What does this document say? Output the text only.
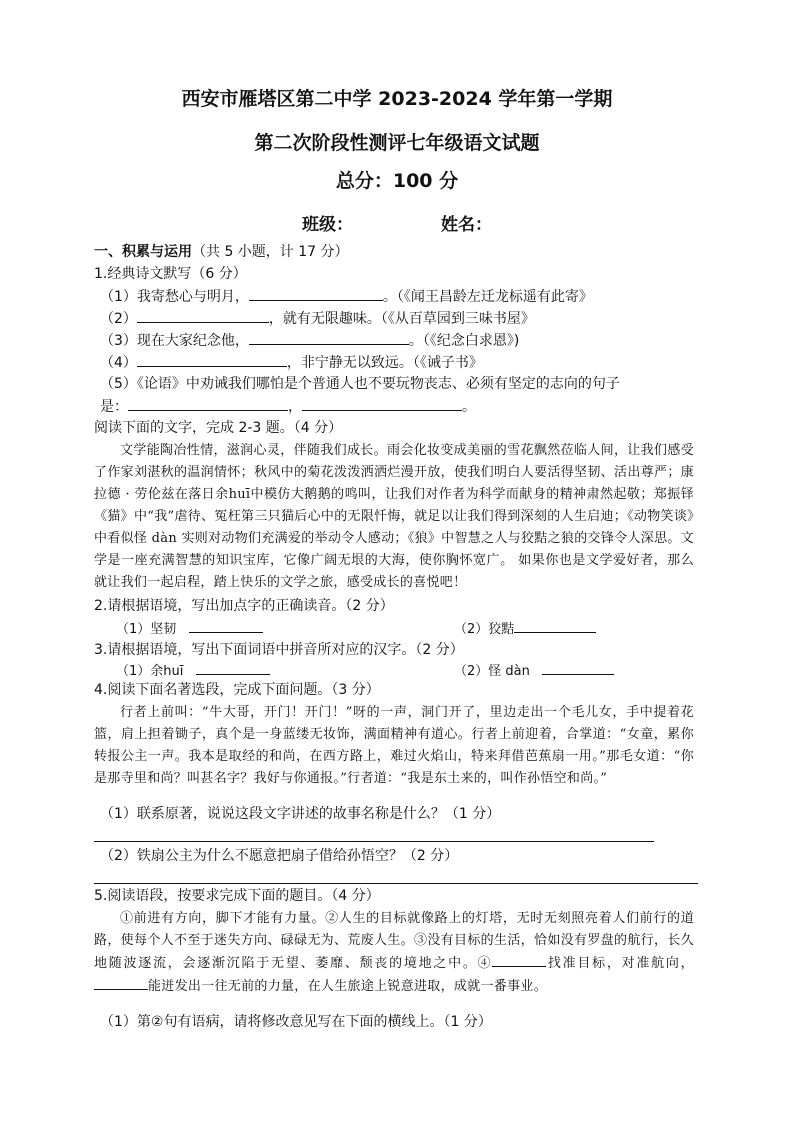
西安市雁塔区第二中学 2023-2024 学年第一学期
第二次阶段性测评七年级语文试题
总分：100 分
班级：	姓名：
一、积累与运用（共 5 小题，计 17 分）
1.经典诗文默写（6 分）
（1）我寄愁心与明月，	。（《闻王昌龄左迁龙标遥有此寄》
（2）	，就有无限趣味。（《从百草园到三味书屋》
（3）现在大家纪念他，	。（《纪念白求恩》)
（4）	，非宁静无以致远。（《诫子书》
（5）《论语》中劝诫我们哪怕是个普通人也不要玩物丧志、必须有坚定的志向的句子
是：	，	。
阅读下面的文字，完成 2-3 题。（4 分）

文学能陶冶性情，滋润心灵，伴随我们成长。雨会化妆变成美丽的雪花飘然莅临人间，让我们感受了作家刘湛秋的温润情怀；秋风中的菊花泼泼洒洒烂漫开放，使我们明白人要活得坚韧、活出尊严；康拉德 · 劳伦兹在落日余huī中模仿大鹅鹅的鸣叫，让我们对作者为科学而献身的精神肃然起敬；郑振铎《猫》中“我”虐待、冤枉第三只猫后心中的无限忏悔，就足以让我们得到深刻的人生启迪；《动物笑谈》中看似怪 dàn 实则对动物们充满爱的举动令人感动；《狼》中智慧之人与狡黠之狼的交锋令人深思。文学是一座充满智慧的知识宝库，它像广阔无垠的大海，使你胸怀宽广。 如果你也是文学爱好者，那么就让我们一起启程，踏上快乐的文学之旅，感受成长的喜悦吧！

2.请根据语境，写出加点字的正确读音。（2 分）
（1）坚韧	（2）狡黠
3.请根据语境，写出下面词语中拼音所对应的汉字。（2 分）
（1）余huī	（2）怪 dàn
4.阅读下面名著选段，完成下面问题。（3 分）

行者上前叫：“牛大哥，开门！开门！”呀的一声，洞门开了，里边走出一个毛儿女，手中提着花篮，肩上担着锄子，真个是一身蓝缕无妆饰，满面精神有道心。行者上前迎着，合掌道：“女童，累你转报公主一声。我本是取经的和尚，在西方路上，难过火焰山，特来拜借芭蕉扇一用。”那毛女道：“你是那寺里和尚？叫甚名字？我好与你通报。”行者道：“我是东土来的，叫作孙悟空和尚。”

（1）联系原著，说说这段文字讲述的故事名称是什么？（1 分）
（2）铁扇公主为什么不愿意把扇子借给孙悟空？（2 分）
5.阅读语段，按要求完成下面的题目。（4 分）

①前进有方向，脚下才能有力量。②人生的目标就像路上的灯塔，无时无刻照亮着人们前行的道路，使每个人不至于迷失方向、碌碌无为、荒废人生。③没有目标的生活，恰如没有罗盘的航行，长久地随波逐流，会逐渐沉陷于无望、萎靡、颓丧的境地之中。④	找准目标，对准航向，能迸发出一往无前的力量，在人生旅途上锐意进取，成就一番事业。

（1）第②句有语病，请将修改意见写在下面的横线上。（1 分）
